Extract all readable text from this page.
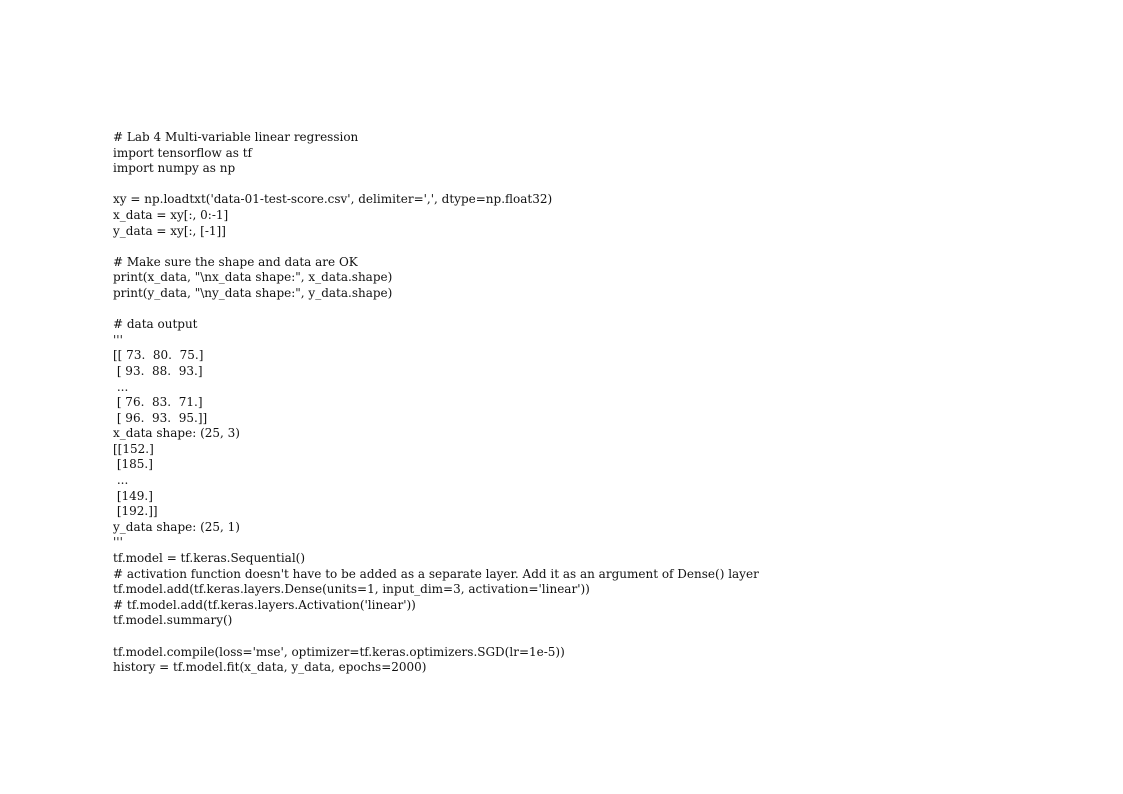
# Lab 4 Multi-variable linear regression
import tensorflow as tf
import numpy as np
xy = np.loadtxt('data-01-test-score.csv', delimiter=',', dtype=np.float32)
x_data = xy[:, 0:-1]
y_data = xy[:, [-1]]
# Make sure the shape and data are OK
print(x_data, "\nx_data shape:", x_data.shape)
print(y_data, "\ny_data shape:", y_data.shape)
# data output
'''
[[ 73.  80.  75.]
[ 93.  88.  93.]
...
[ 76.  83.  71.]
[ 96.  93.  95.]]
x_data shape: (25, 3)
[[152.]
[185.]
...
[149.]
[192.]]
y_data shape: (25, 1)
'''
tf.model = tf.keras.Sequential()
# activation function doesn't have to be added as a separate layer. Add it as an argument of Dense() layer
tf.model.add(tf.keras.layers.Dense(units=1, input_dim=3, activation='linear'))
# tf.model.add(tf.keras.layers.Activation('linear'))
tf.model.summary()
tf.model.compile(loss='mse', optimizer=tf.keras.optimizers.SGD(lr=1e-5))
history = tf.model.fit(x_data, y_data, epochs=2000)
